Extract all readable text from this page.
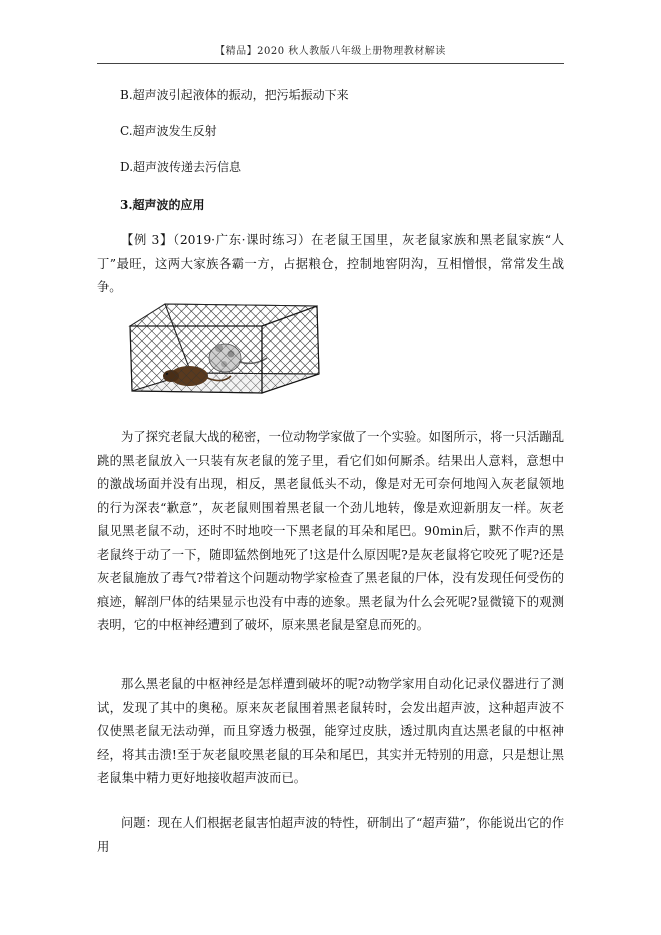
【精品】2020 秋人教版八年级上册物理教材解读
B.超声波引起液体的振动，把污垢振动下来
C.超声波发生反射
D.超声波传递去污信息
3.超声波的应用

【例 3】（2019·广东·课时练习）在老鼠王国里，灰老鼠家族和黑老鼠家族“人丁”最旺，这两大家族各霸一方，占据粮仓，控制地窖阴沟，互相憎恨，常常发生战争。

为了探究老鼠大战的秘密，一位动物学家做了一个实验。如图所示，将一只活蹦乱跳的黑老鼠放入一只装有灰老鼠的笼子里，看它们如何厮杀。结果出人意料，意想中的激战场面并没有出现，相反，黑老鼠低头不动，像是对无可奈何地闯入灰老鼠领地的行为深表“歉意”，灰老鼠则围着黑老鼠一个劲儿地转，像是欢迎新朋友一样。灰老鼠见黑老鼠不动，还时不时地咬一下黑老鼠的耳朵和尾巴。90min后，默不作声的黑老鼠终于动了一下，随即猛然倒地死了!这是什么原因呢?是灰老鼠将它咬死了呢?还是灰老鼠施放了毒气?带着这个问题动物学家检查了黑老鼠的尸体，没有发现任何受伤的痕迹，解剖尸体的结果显示也没有中毒的迹象。黑老鼠为什么会死呢?显微镜下的观测表明，它的中枢神经遭到了破坏，原来黑老鼠是窒息而死的。

那么黑老鼠的中枢神经是怎样遭到破坏的呢?动物学家用自动化记录仪器进行了测试，发现了其中的奥秘。原来灰老鼠围着黑老鼠转时，会发出超声波，这种超声波不仅使黑老鼠无法动弹，而且穿透力极强，能穿过皮肤，透过肌肉直达黑老鼠的中枢神经，将其击溃!至于灰老鼠咬黑老鼠的耳朵和尾巴，其实并无特别的用意，只是想让黑老鼠集中精力更好地接收超声波而已。

问题：现在人们根据老鼠害怕超声波的特性，研制出了“超声猫”，你能说出它的作用
